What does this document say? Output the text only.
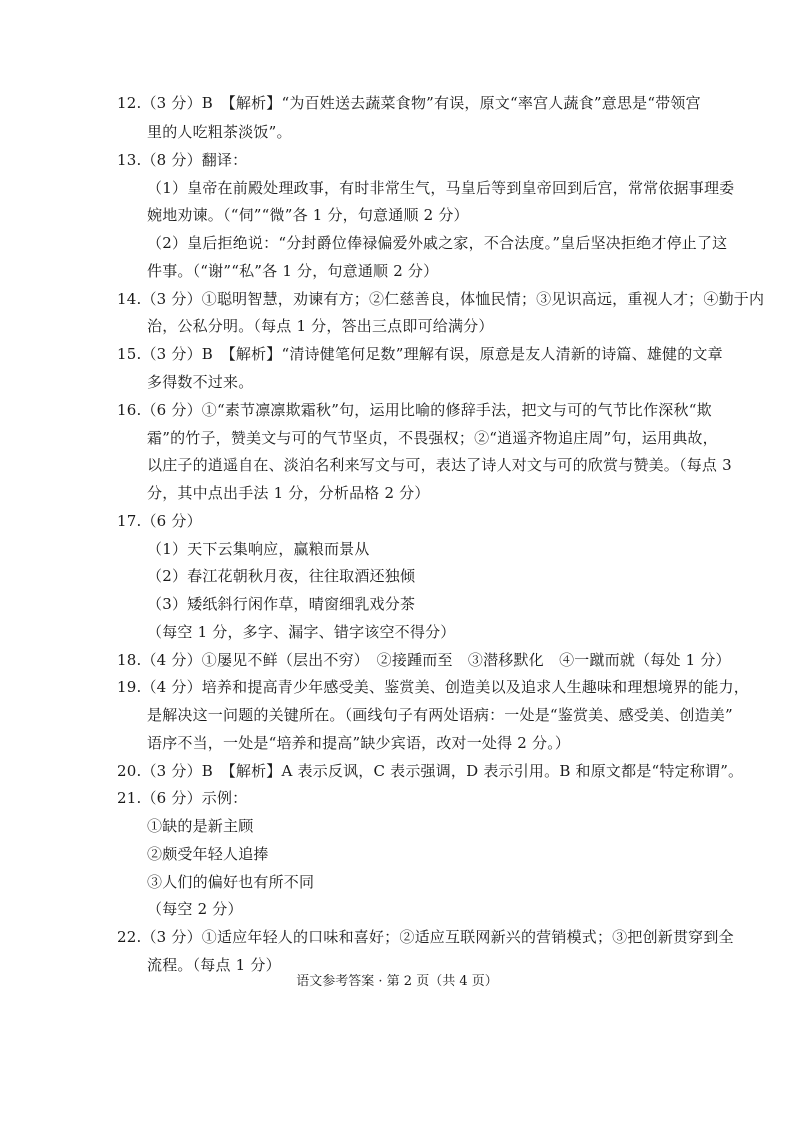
12.（3 分）B　【解析】“为百姓送去蔬菜食物”有误，原文“率宫人蔬食”意思是“带领宫
里的人吃粗茶淡饭”。
13.（8 分）翻译：
（1）皇帝在前殿处理政事，有时非常生气，马皇后等到皇帝回到后宫，常常依据事理委
婉地劝谏。（“伺”“微”各 1 分，句意通顺 2 分）
（2）皇后拒绝说：“分封爵位俸禄偏爱外戚之家，不合法度。”皇后坚决拒绝才停止了这
件事。（“谢”“私”各 1 分，句意通顺 2 分）
14.（3 分）①聪明智慧，劝谏有方；②仁慈善良，体恤民情；③见识高远，重视人才；④勤于内
治，公私分明。（每点 1 分，答出三点即可给满分）
15.（3 分）B　【解析】“清诗健笔何足数”理解有误，原意是友人清新的诗篇、雄健的文章
多得数不过来。
16.（6 分）①“素节凛凛欺霜秋”句，运用比喻的修辞手法，把文与可的气节比作深秋“欺
霜”的竹子，赞美文与可的气节坚贞，不畏强权；②“逍遥齐物追庄周”句，运用典故，
以庄子的逍遥自在、淡泊名利来写文与可，表达了诗人对文与可的欣赏与赞美。（每点 3
分，其中点出手法 1 分，分析品格 2 分）
17.（6 分）
（1）天下云集响应，赢粮而景从
（2）春江花朝秋月夜，往往取酒还独倾
（3）矮纸斜行闲作草，晴窗细乳戏分茶
（每空 1 分，多字、漏字、错字该空不得分）
18.（4 分）①屡见不鲜（层出不穷）　②接踵而至　③潜移默化　④一蹴而就（每处 1 分）
19.（4 分）培养和提高青少年感受美、鉴赏美、创造美以及追求人生趣味和理想境界的能力，
是解决这一问题的关键所在。（画线句子有两处语病：一处是“鉴赏美、感受美、创造美”
语序不当，一处是“培养和提高”缺少宾语，改对一处得 2 分。）
20.（3 分）B　【解析】A 表示反讽，C 表示强调，D 表示引用。B 和原文都是“特定称谓”。
21.（6 分）示例：
①缺的是新主顾
②颇受年轻人追捧
③人们的偏好也有所不同
（每空 2 分）
22.（3 分）①适应年轻人的口味和喜好；②适应互联网新兴的营销模式；③把创新贯穿到全
流程。（每点 1 分）
语文参考答案 · 第 2 页（共 4 页）
